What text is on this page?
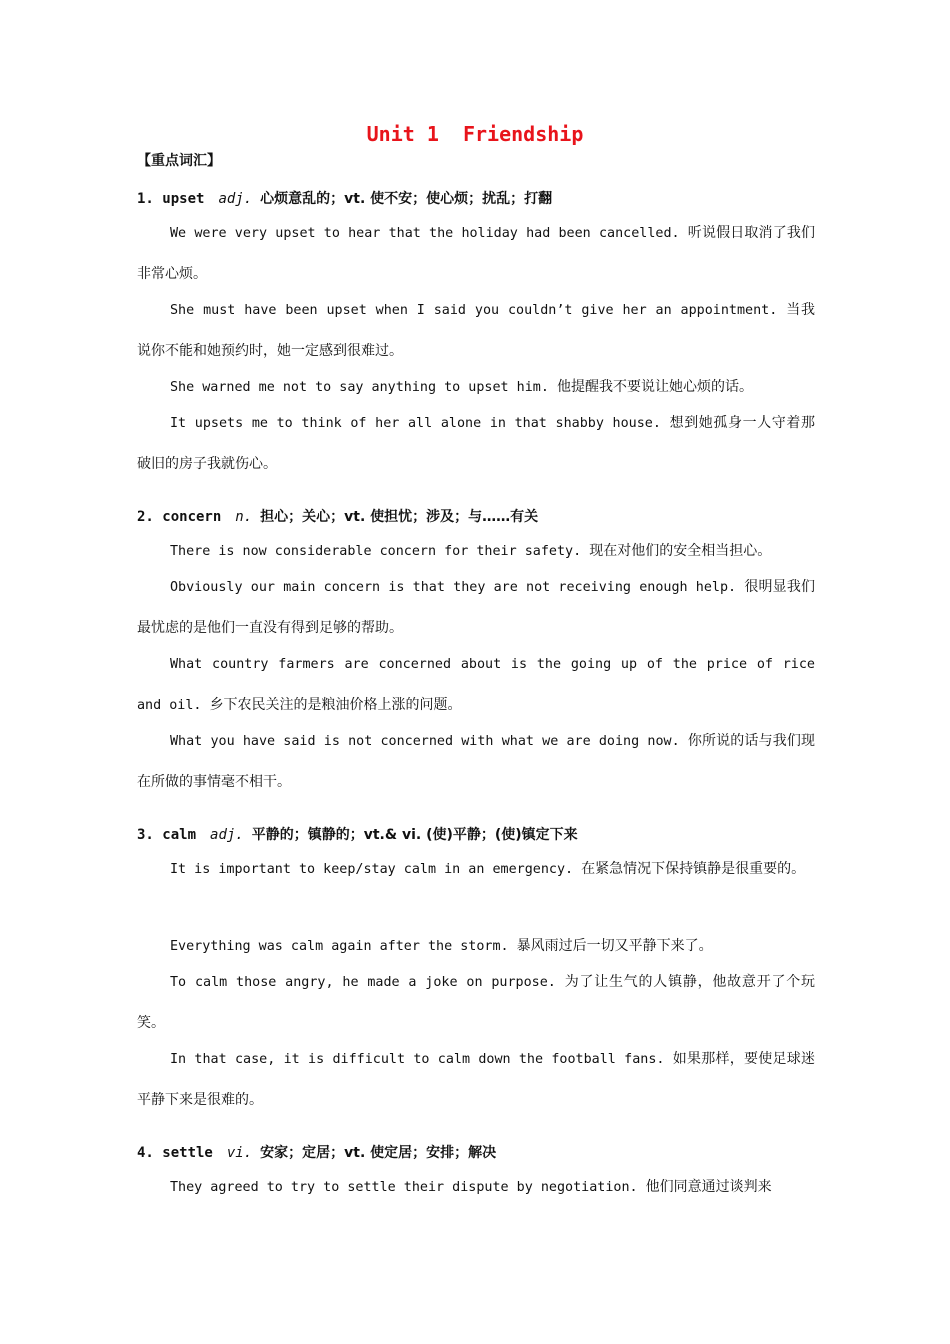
Unit 1  Friendship
【重点词汇】
1. upset adj. 心烦意乱的；vt. 使不安；使心烦；扰乱；打翻
We were very upset to hear that the holiday had been cancelled. 听说假日取消了我们非常心烦。
She must have been upset when I said you couldn’t give her an appointment. 当我说你不能和她预约时，她一定感到很难过。
She warned me not to say anything to upset him. 他提醒我不要说让她心烦的话。
It upsets me to think of her all alone in that shabby house. 想到她孤身一人守着那破旧的房子我就伤心。
2. concern n. 担心；关心；vt. 使担忧；涉及；与……有关
There is now considerable concern for their safety. 现在对他们的安全相当担心。
Obviously our main concern is that they are not receiving enough help. 很明显我们最忧虑的是他们一直没有得到足够的帮助。
What country farmers are concerned about is the going up of the price of rice and oil. 乡下农民关注的是粮油价格上涨的问题。
What you have said is not concerned with what we are doing now. 你所说的话与我们现在所做的事情毫不相干。
3. calm adj. 平静的；镇静的；vt.& vi. (使)平静；(使)镇定下来
It is important to keep/stay calm in an emergency. 在紧急情况下保持镇静是很重要的。
Everything was calm again after the storm. 暴风雨过后一切又平静下来了。
To calm those angry, he made a joke on purpose. 为了让生气的人镇静，他故意开了个玩笑。
In that case, it is difficult to calm down the football fans. 如果那样，要使足球迷平静下来是很难的。
4. settle vi. 安家；定居；vt. 使定居；安排；解决
They agreed to try to settle their dispute by negotiation. 他们同意通过谈判来
